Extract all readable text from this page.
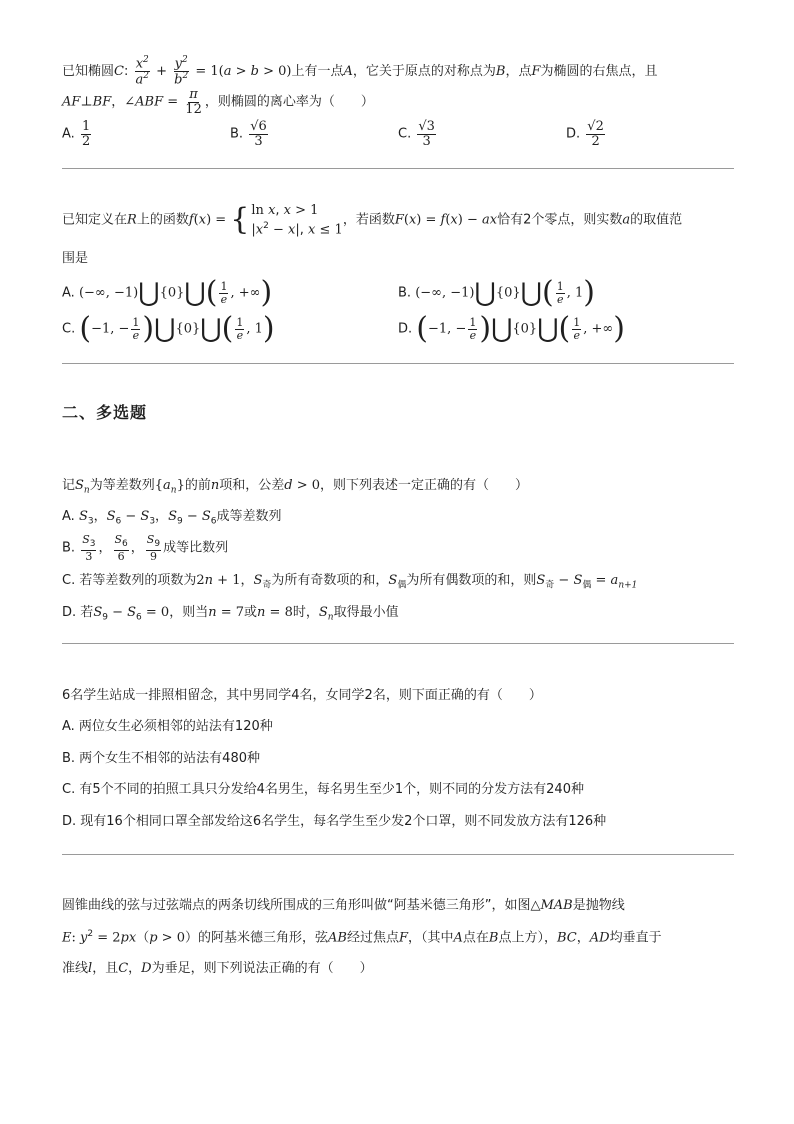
已知椭圆C: $\frac{x^2}{a^2} + \frac{y^2}{b^2} = 1(a > b > 0)$上有一点A，它关于原点的对称点为B，点F为椭圆的右焦点，且
AF⊥BF，∠ABF = $\frac{\pi}{12}$ ，则椭圆的离心率为（　　）
A. $\frac{1}{2}$	B. $\frac{√6}{3}$	C. $\frac{√3}{3}$	D. $\frac{√2}{2}$
已知定义在R上的函数f(x) = { ln x, x > 1
$|x^2 - x|$, x ≤ 1
，若函数F(x) = f(x) − ax恰有2个零点，则实数a的取值范
围是
A. (−∞, −1)⋃{0}⋃( $\frac{1}{e}$ , +∞)	B. (−∞, −1)⋃{0}⋃( $\frac{1}{e}$ , 1)
C. (−1, − $\frac{1}{e}$ )⋃{0}⋃( $\frac{1}{e}$ , 1)	D. (−1, − $\frac{1}{e}$ )⋃{0}⋃( $\frac{1}{e}$ , +∞)
二、多选题
记$S_n$为等差数列$\{a_n\}$的前n项和，公差d > 0，则下列表述一定正确的有（　　）
A. $S_3$，$S_6 - S_3$，$S_9 - S_6$成等差数列
B. $\frac{S_3}{3}$ ， $\frac{S_6}{6}$ ， $\frac{S_9}{9}$ 成等比数列
C. 若等差数列的项数为2n + 1，$S_奇$为所有奇数项的和，$S_偶$为所有偶数项的和，则$S_奇 - S_偶 = a_{n+1}$
D. 若$S_9 - S_6 = 0$，则当n = 7或n = 8时，$S_n$取得最小值
6名学生站成一排照相留念，其中男同学4名，女同学2名，则下面正确的有（　　）
A. 两位女生必须相邻的站法有120种
B. 两个女生不相邻的站法有480种
C. 有5个不同的拍照工具只分发给4名男生，每名男生至少1个，则不同的分发方法有240种
D. 现有16个相同口罩全部发给这6名学生，每名学生至少发2个口罩，则不同发放方法有126种
圆锥曲线的弦与过弦端点的两条切线所围成的三角形叫做“阿基米德三角形”，如图△MAB是抛物线
E: $y^2 = 2px(p > 0)$的阿基米德三角形，弦AB经过焦点F，（其中A点在B点上方），BC，AD均垂直于
准线l，且C，D为垂足，则下列说法正确的有（　　）
